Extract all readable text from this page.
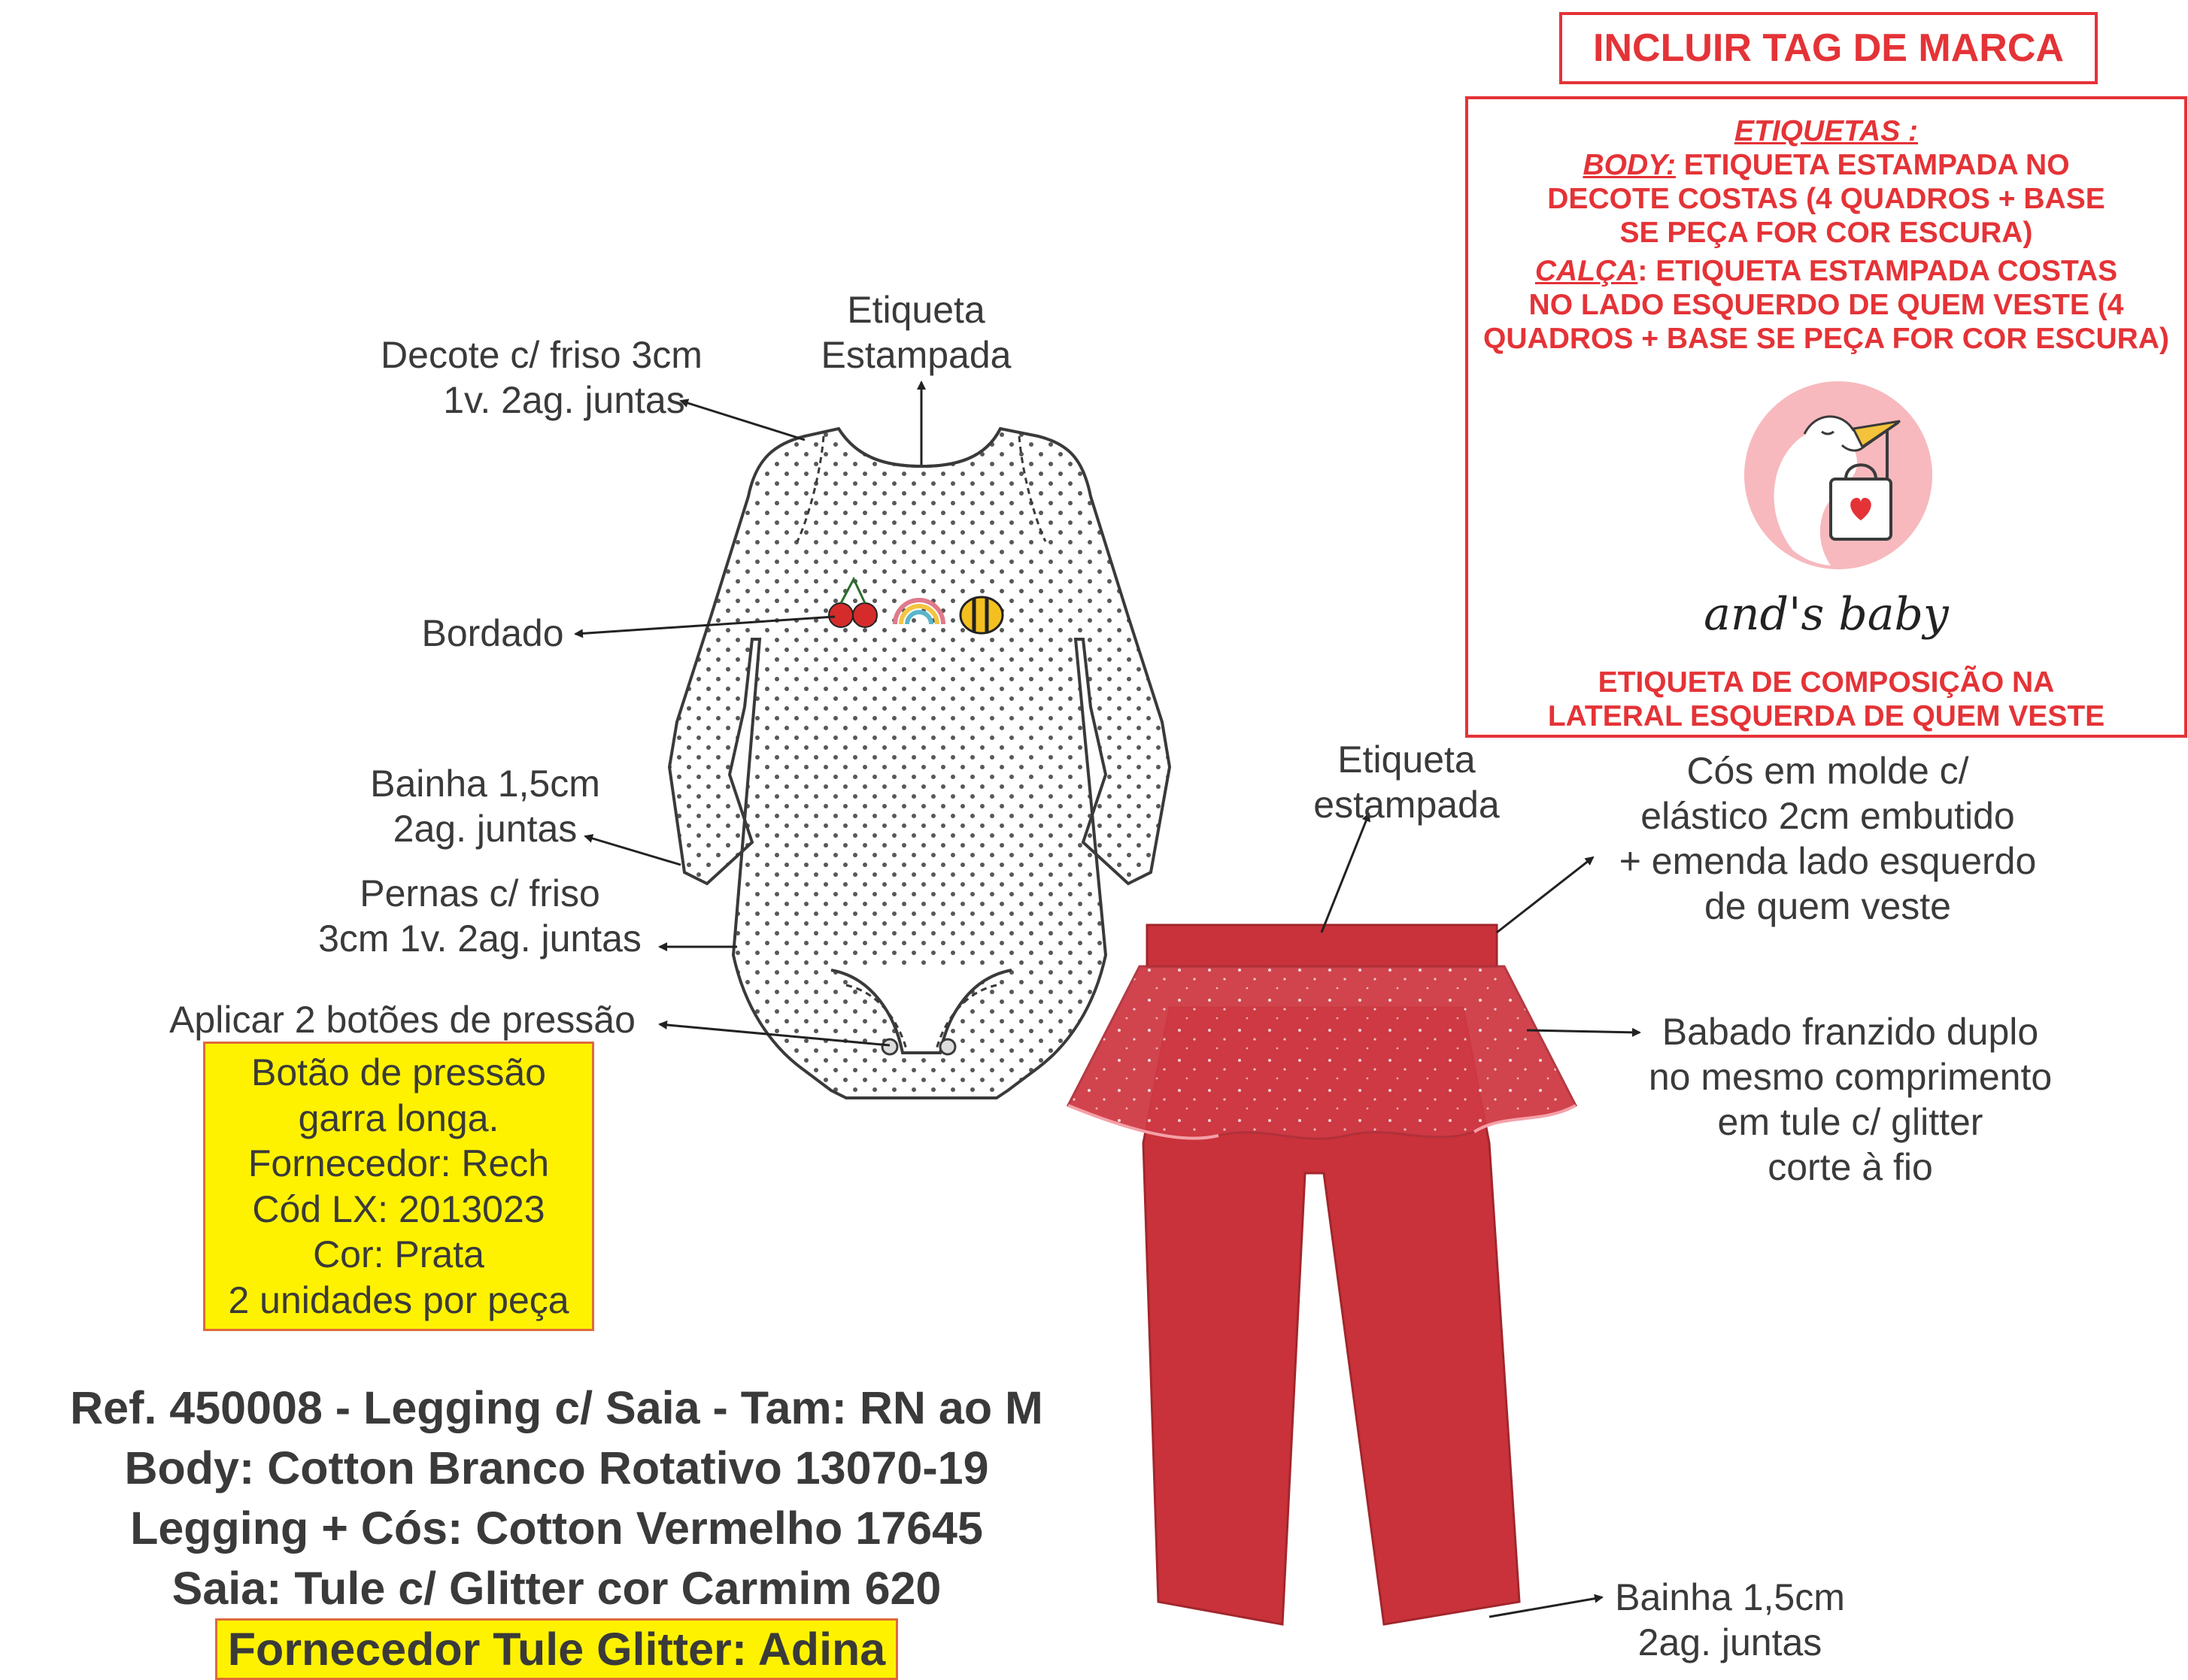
INCLUIR TAG DE MARCA
ETIQUETAS :
BODY: ETIQUETA ESTAMPADA NO
DECOTE COSTAS (4 QUADROS + BASE
SE PEÇA FOR COR ESCURA)
CALÇA: ETIQUETA ESTAMPADA COSTAS
NO LADO ESQUERDO DE QUEM VESTE (4
QUADROS + BASE SE PEÇA FOR COR ESCURA)
and's baby
ETIQUETA DE COMPOSIÇÃO NA
LATERAL ESQUERDA DE QUEM VESTE
Etiqueta
Estampada
Decote c/ friso 3cm
1v. 2ag. juntas
Bordado
Bainha 1,5cm
2ag. juntas
Pernas c/ friso
3cm 1v. 2ag. juntas
Aplicar 2 botões de pressão
Botão de pressão
garra longa.
Fornecedor: Rech
Cód LX: 2013023
Cor: Prata
2 unidades por peça
Etiqueta
estampada
Cós em molde c/
elástico 2cm embutido
+ emenda lado esquerdo
de quem veste
Babado franzido duplo
no mesmo comprimento
em tule c/ glitter
corte à fio
Bainha 1,5cm
2ag. juntas
Ref. 450008 - Legging c/ Saia - Tam: RN ao M
Body: Cotton Branco Rotativo 13070-19
Legging + Cós: Cotton Vermelho 17645
Saia: Tule c/ Glitter cor Carmim 620
Fornecedor Tule Glitter: Adina
